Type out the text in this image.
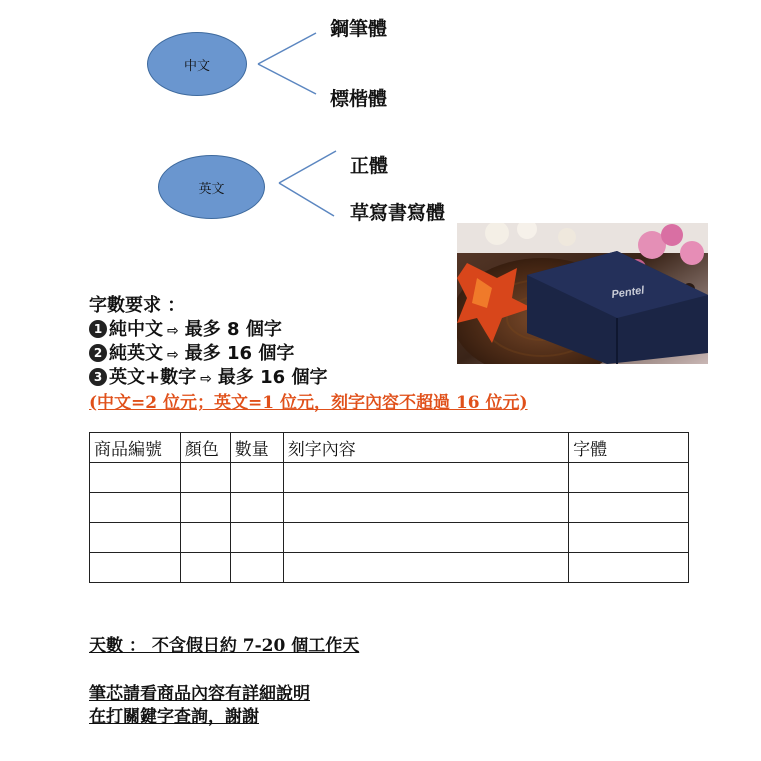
中文
鋼筆體
標楷體
英文
正體
草寫書寫體
Pentel
字數要求 ：
1 純中文 ⇨ 最多 8 個字
2 純英文 ⇨ 最多 16 個字
3 英文+數字 ⇨ 最多 16 個字
(中文=2 位元；英文=1 位元，刻字內容不超過 16 位元)
商品編號	顏色	數量	刻字內容	字體

天數 ： 不含假日約 7-20 個工作天
筆芯請看商品內容有詳細說明
在打關鍵字查詢，謝謝
